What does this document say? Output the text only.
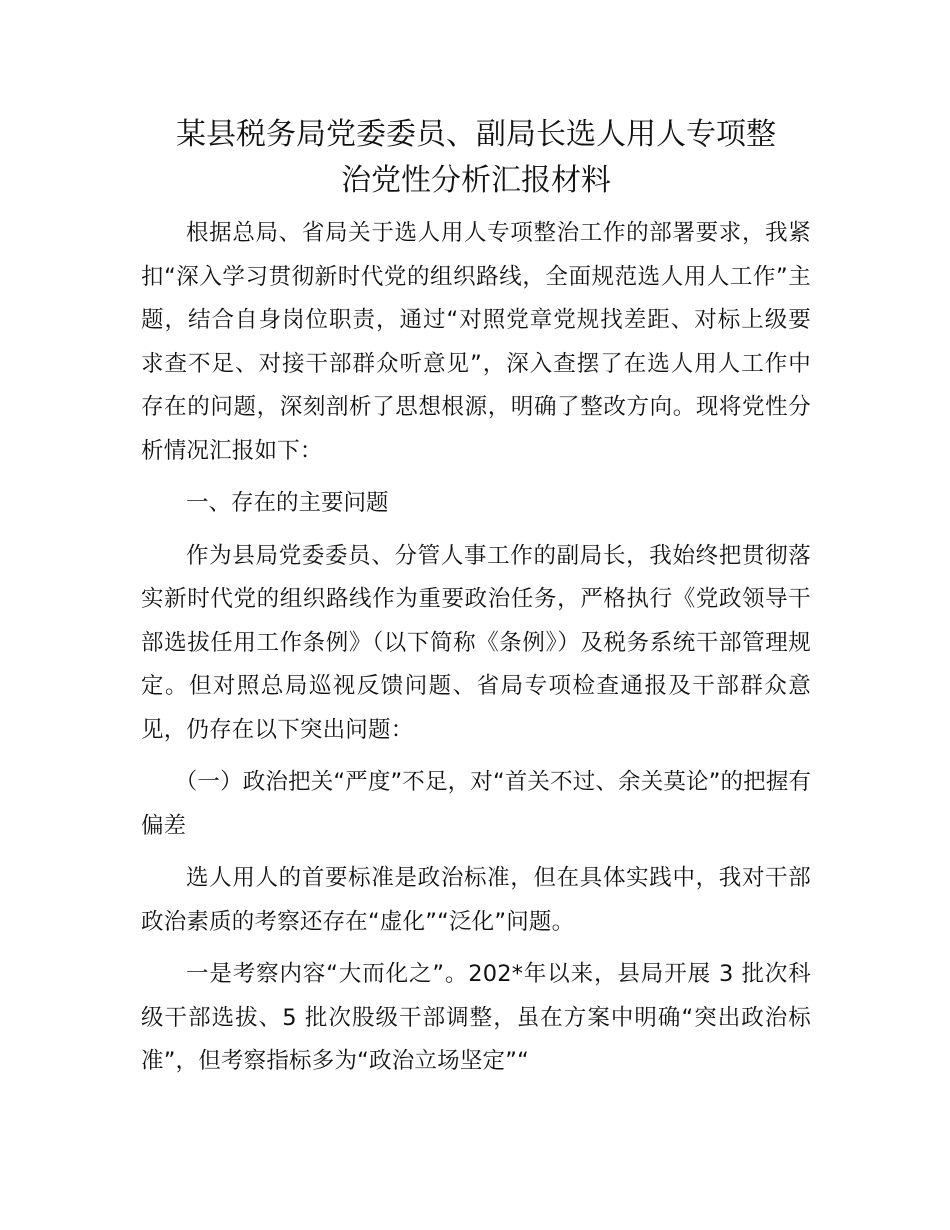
某县税务局党委委员、副局长选人用人专项整
治党性分析汇报材料

根据总局、省局关于选人用人专项整治工作的部署要求，我紧扣“深入学习贯彻新时代党的组织路线，全面规范选人用人工作”主题，结合自身岗位职责，通过“对照党章党规找差距、对标上级要求查不足、对接干部群众听意见”，深入查摆了在选人用人工作中存在的问题，深刻剖析了思想根源，明确了整改方向。现将党性分析情况汇报如下：

一、存在的主要问题

作为县局党委委员、分管人事工作的副局长，我始终把贯彻落实新时代党的组织路线作为重要政治任务，严格执行《党政领导干部选拔任用工作条例》（以下简称《条例》）及税务系统干部管理规定。但对照总局巡视反馈问题、省局专项检查通报及干部群众意见，仍存在以下突出问题：

（一）政治把关“严度”不足，对“首关不过、余关莫论”的把握有偏差

选人用人的首要标准是政治标准，但在具体实践中，我对干部政治素质的考察还存在“虚化”“泛化”问题。

一是考察内容“大而化之”。202*年以来，县局开展 3 批次科级干部选拔、5 批次股级干部调整，虽在方案中明确“突出政治标准”，但考察指标多为“政治立场坚定”“
